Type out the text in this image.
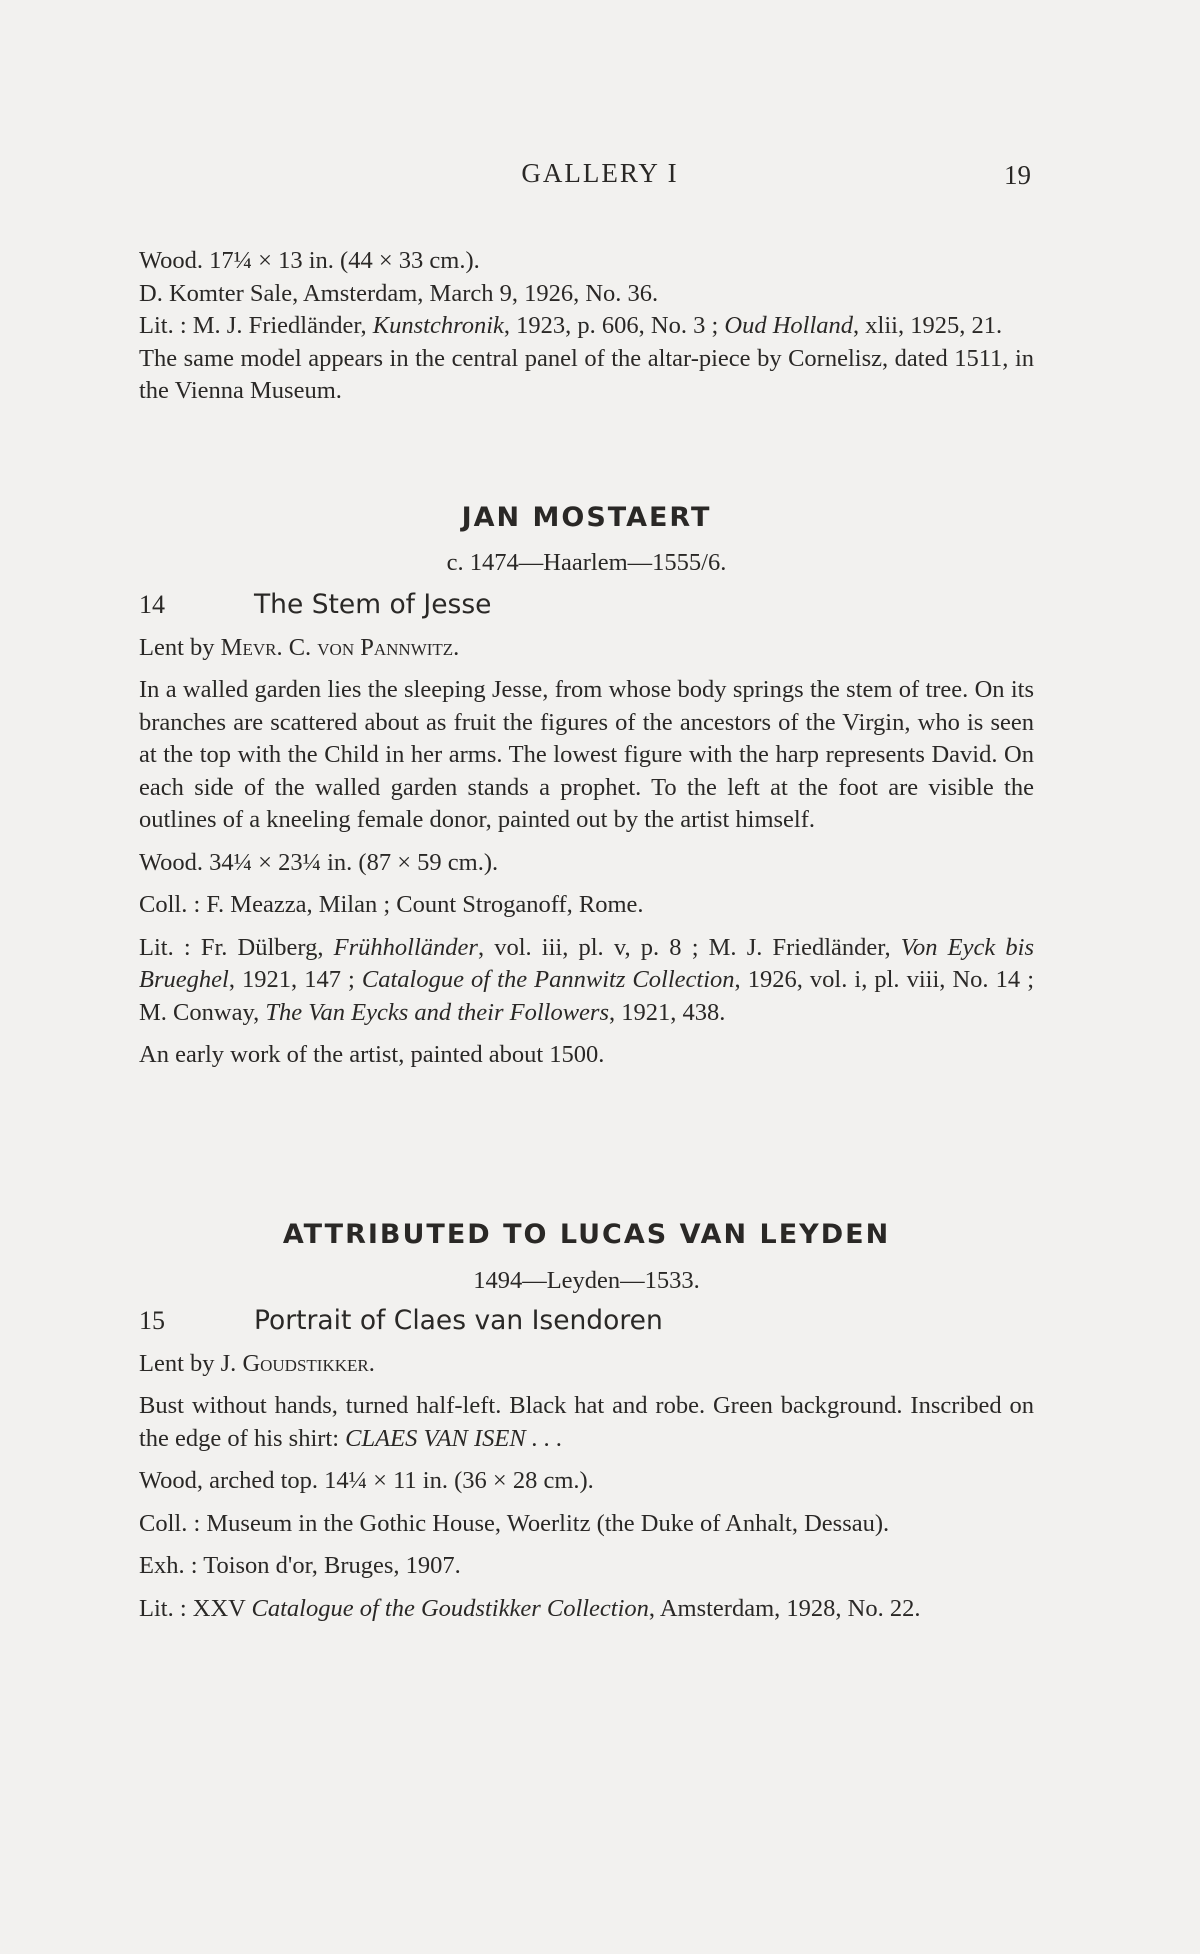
GALLERY I	19

Wood. 17¼ × 13 in. (44 × 33 cm.).

D. Komter Sale, Amsterdam, March 9, 1926, No. 36.

Lit. : M. J. Friedländer, Kunstchronik, 1923, p. 606, No. 3 ; Oud Holland, xlii, 1925, 21.

The same model appears in the central panel of the altar-piece by Cornelisz, dated 1511, in the Vienna Museum.

JAN MOSTAERT

c. 1474—Haarlem—1555/6.

14	The Stem of Jesse

Lent by Mevr. C. von Pannwitz.

In a walled garden lies the sleeping Jesse, from whose body springs the stem of tree. On its branches are scattered about as fruit the figures of the ancestors of the Virgin, who is seen at the top with the Child in her arms. The lowest figure with the harp represents David. On each side of the walled garden stands a prophet. To the left at the foot are visible the outlines of a kneeling female donor, painted out by the artist himself.

Wood. 34¼ × 23¼ in. (87 × 59 cm.).

Coll. : F. Meazza, Milan ; Count Stroganoff, Rome.

Lit. : Fr. Dülberg, Frühholländer, vol. iii, pl. v, p. 8 ; M. J. Friedländer, Von Eyck bis Brueghel, 1921, 147 ; Catalogue of the Pannwitz Collection, 1926, vol. i, pl. viii, No. 14 ; M. Conway, The Van Eycks and their Followers, 1921, 438.

An early work of the artist, painted about 1500.

ATTRIBUTED TO LUCAS VAN LEYDEN

1494—Leyden—1533.

15	Portrait of Claes van Isendoren

Lent by J. Goudstikker.

Bust without hands, turned half-left. Black hat and robe. Green background. Inscribed on the edge of his shirt: CLAES VAN ISEN . . .

Wood, arched top. 14¼ × 11 in. (36 × 28 cm.).

Coll. : Museum in the Gothic House, Woerlitz (the Duke of Anhalt, Dessau).

Exh. : Toison d'or, Bruges, 1907.

Lit. : XXV Catalogue of the Goudstikker Collection, Amsterdam, 1928, No. 22.
